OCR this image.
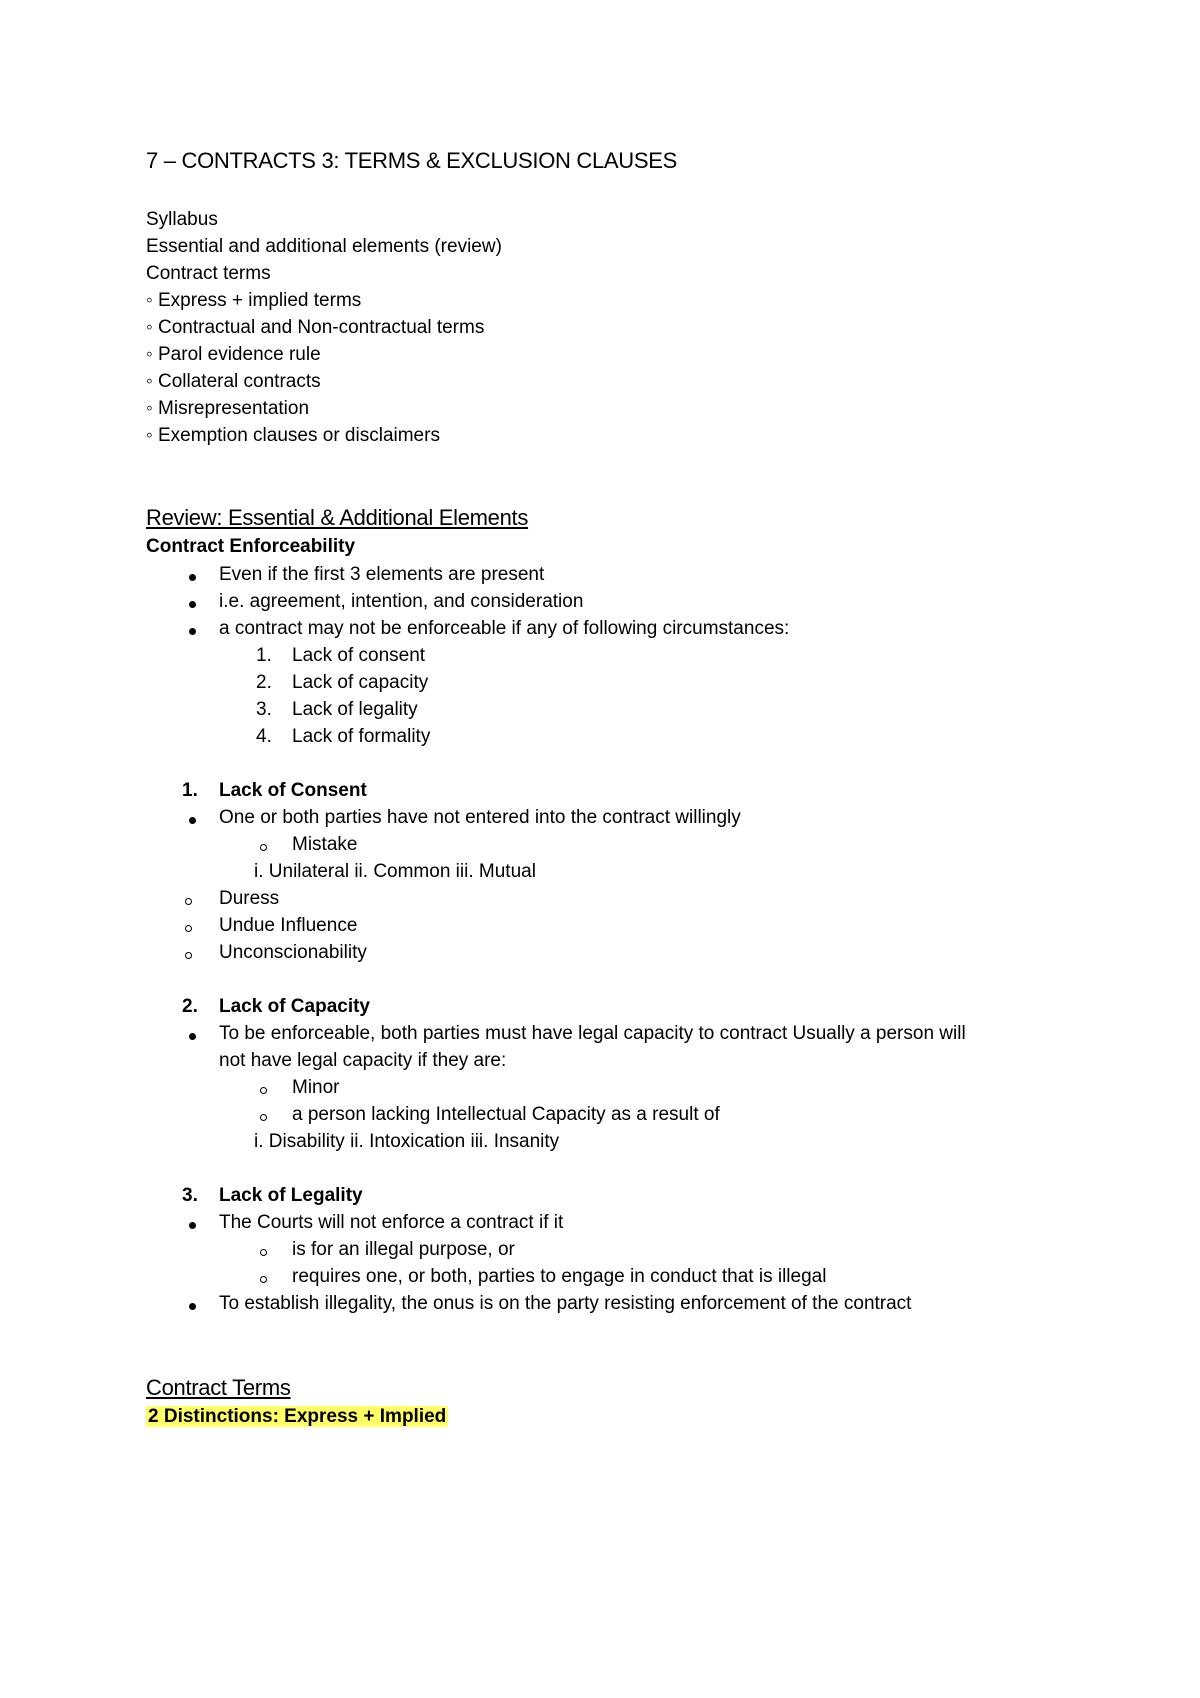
7 – CONTRACTS 3: TERMS & EXCLUSION CLAUSES
Syllabus
Essential and additional elements (review)
Contract terms
◦ Express + implied terms
◦ Contractual and Non-contractual terms
◦ Parol evidence rule
◦ Collateral contracts
◦ Misrepresentation
◦ Exemption clauses or disclaimers
Review: Essential & Additional Elements
Contract Enforceability
Even if the first 3 elements are present
i.e. agreement, intention, and consideration
a contract may not be enforceable if any of following circumstances:
1. Lack of consent
2. Lack of capacity
3. Lack of legality
4. Lack of formality
1. Lack of Consent
One or both parties have not entered into the contract willingly
Mistake
i. Unilateral ii. Common iii. Mutual
Duress
Undue Influence
Unconscionability
2. Lack of Capacity
To be enforceable, both parties must have legal capacity to contract Usually a person will
not have legal capacity if they are:
Minor
a person lacking Intellectual Capacity as a result of
i. Disability ii. Intoxication iii. Insanity
3. Lack of Legality
The Courts will not enforce a contract if it
is for an illegal purpose, or
requires one, or both, parties to engage in conduct that is illegal
To establish illegality, the onus is on the party resisting enforcement of the contract
Contract Terms
2 Distinctions: Express + Implied
